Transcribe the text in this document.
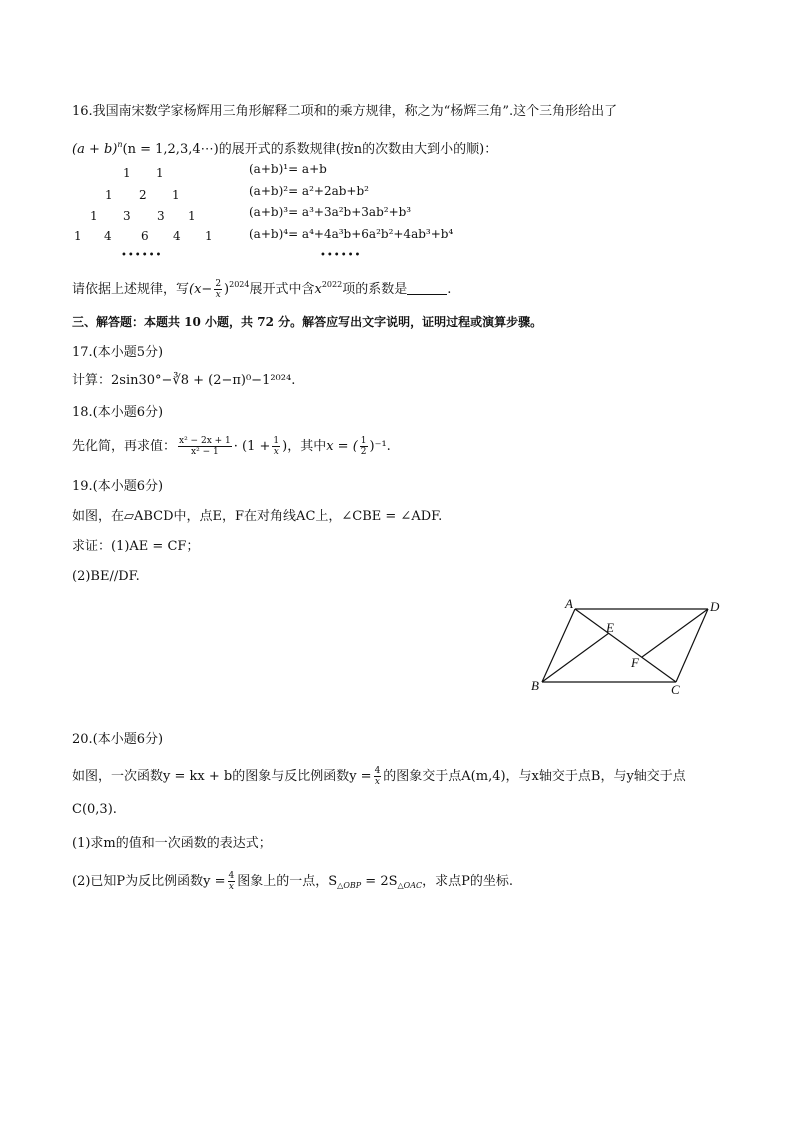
16.我国南宋数学家杨辉用三角形解释二项和的乘方规律，称之为“杨辉三角”.这个三角形给出了
$(a + b)^n(n$ = 1,2,3,4⋯)的展开式的系数规律(按n的次数由大到小的顺)：
1 1
1 2 1
1 3 3 1
1 4 6 4 1
••••••
(a+b)¹= a+b
(a+b)²= a²+2ab+b²
(a+b)³= a³+3a²b+3ab²+b³
(a+b)⁴= a⁴+4a³b+6a²b²+4ab³+b⁴
••••••
请依据上述规律，写$(x- \frac{2}{x} )^{2024}$展开式中含$x^{2022}$项的系数是	.
三、解答题：本题共 10 小题，共 72 分。解答应写出文字说明，证明过程或演算步骤。
17.(本小题5分)
计算：2sin30°−∛8 + (2−π)⁰−1²⁰²⁴.
18.(本小题6分)
先化简，再求值： $\frac{\text{x² − 2x + 1}}{\text{x² − 1}} \cdot (1 + \frac{1}{x}$ )，其中x = ( $\frac{1}{2} )^{-1}$.
19.(本小题6分)
如图，在▱ABCD中，点E，F在对角线AC上，∠CBE = ∠ADF.
求证：(1)AE = CF；
(2)BE//DF.
A	D
E
F
B	C
20.(本小题6分)
如图，一次函数y = kx + b的图象与反比例函数$y = \frac{4}{x}$ 的图象交于点A(m,4)，与x轴交于点B，与y轴交于点
C(0,3).
(1)求m的值和一次函数的表达式；
(2)已知P为反比例函数$y = \frac{4}{x}$ 图象上的一点，$S_{\triangle OBP} = 2S_{\triangle OAC}$，求点P的坐标.
